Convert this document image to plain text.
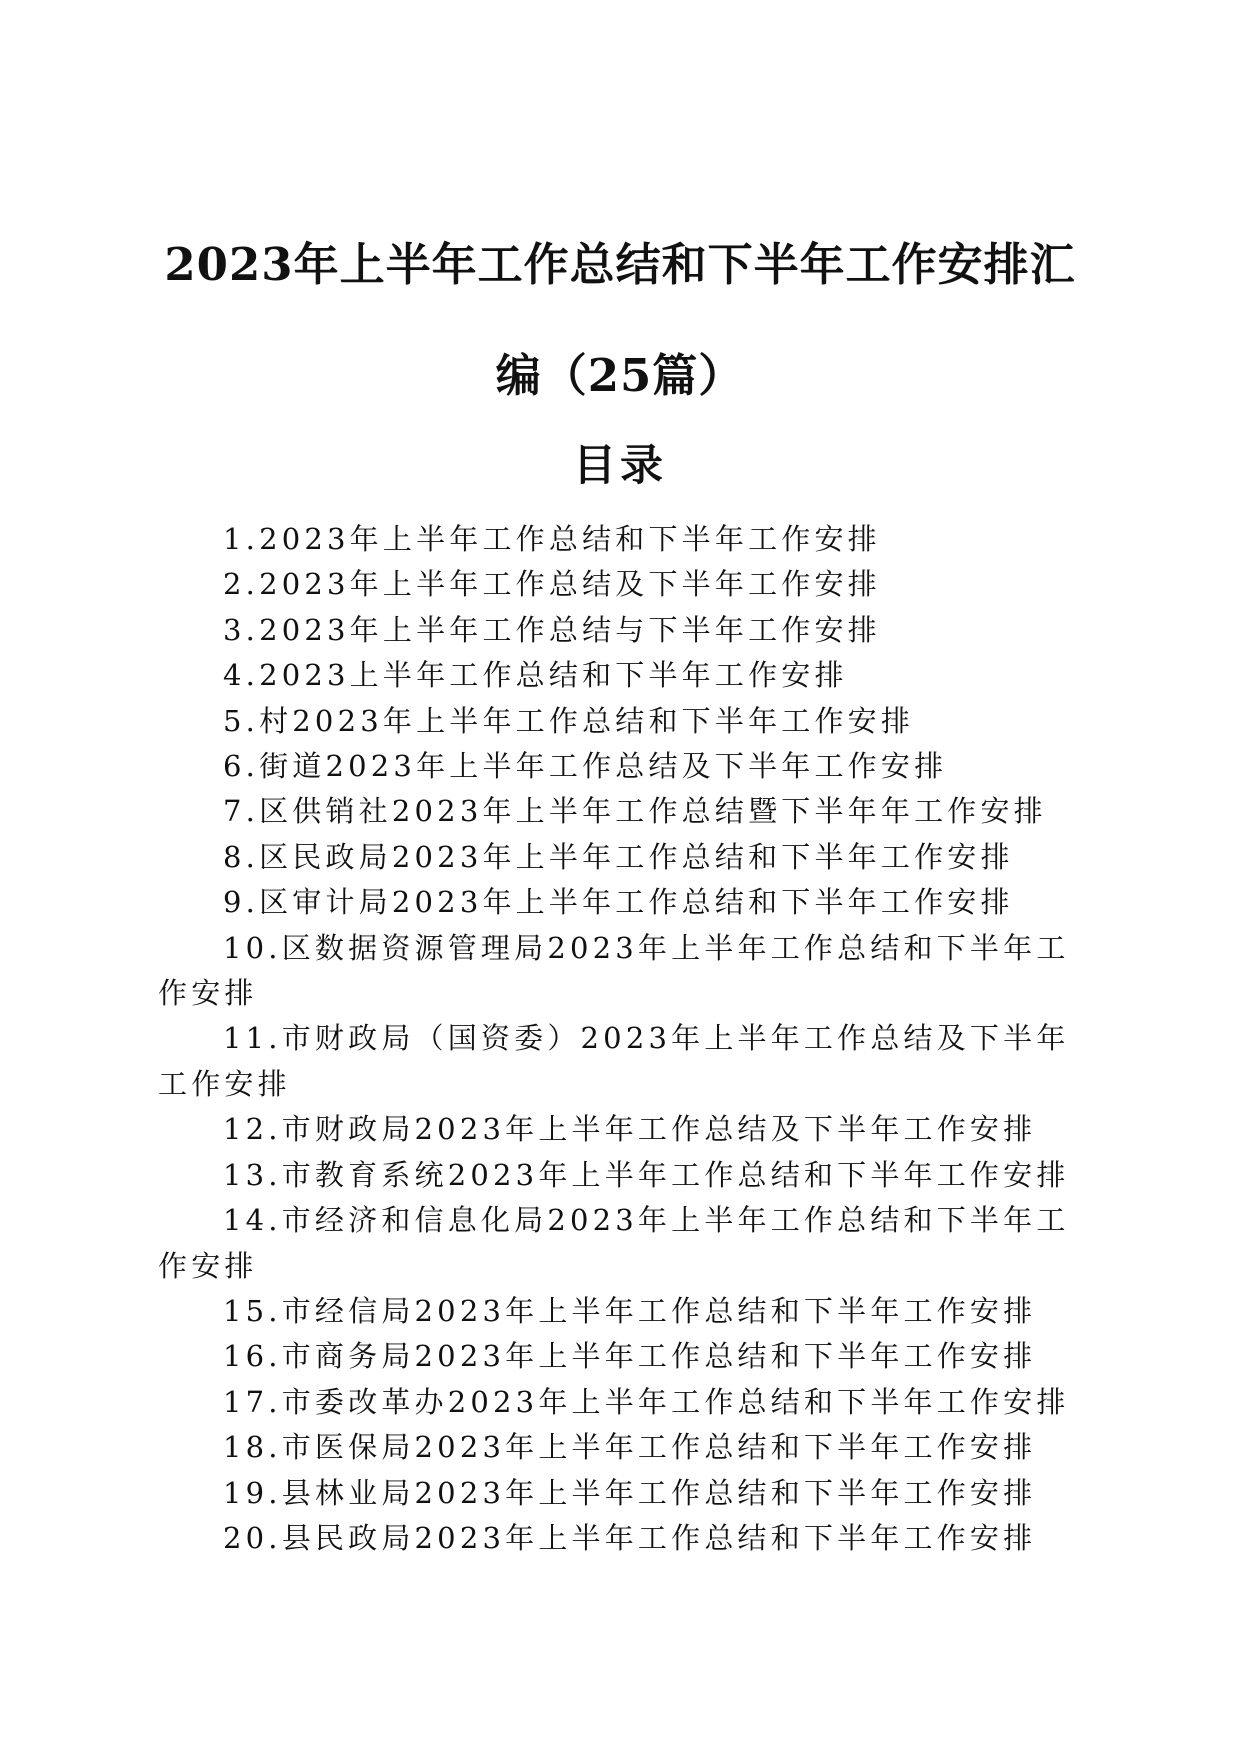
2023年上半年工作总结和下半年工作安排汇
编（25篇）
目录
1.2023年上半年工作总结和下半年工作安排
2.2023年上半年工作总结及下半年工作安排
3.2023年上半年工作总结与下半年工作安排
4.2023上半年工作总结和下半年工作安排
5.村2023年上半年工作总结和下半年工作安排
6.街道2023年上半年工作总结及下半年工作安排
7.区供销社2023年上半年工作总结暨下半年年工作安排
8.区民政局2023年上半年工作总结和下半年工作安排
9.区审计局2023年上半年工作总结和下半年工作安排
10.区数据资源管理局2023年上半年工作总结和下半年工作安排
11.市财政局（国资委）2023年上半年工作总结及下半年工作安排
12.市财政局2023年上半年工作总结及下半年工作安排
13.市教育系统2023年上半年工作总结和下半年工作安排
14.市经济和信息化局2023年上半年工作总结和下半年工作安排
15.市经信局2023年上半年工作总结和下半年工作安排
16.市商务局2023年上半年工作总结和下半年工作安排
17.市委改革办2023年上半年工作总结和下半年工作安排
18.市医保局2023年上半年工作总结和下半年工作安排
19.县林业局2023年上半年工作总结和下半年工作安排
20.县民政局2023年上半年工作总结和下半年工作安排
